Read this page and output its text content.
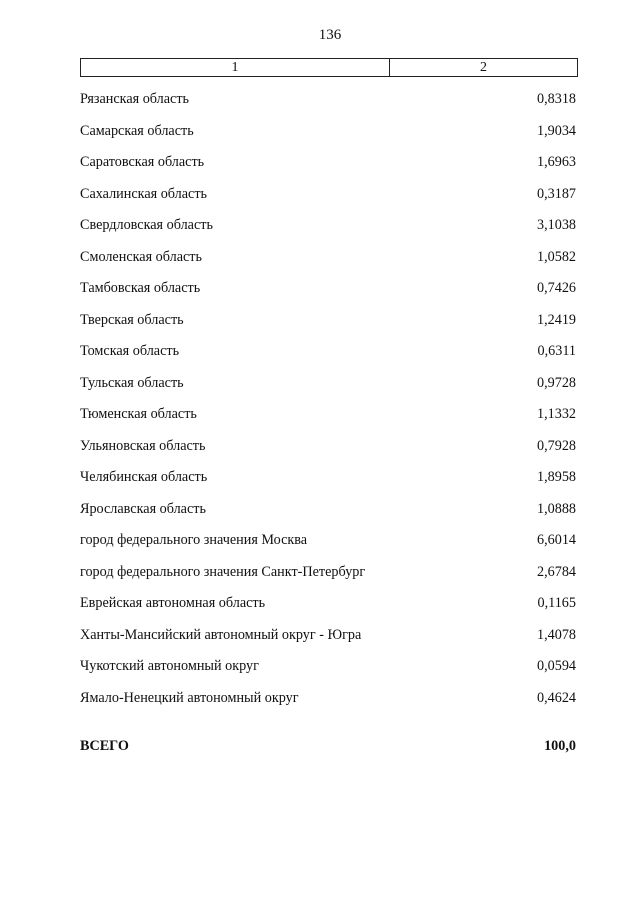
136
1	2
Рязанская область	0,8318
Самарская область	1,9034
Саратовская область	1,6963
Сахалинская область	0,3187
Свердловская область	3,1038
Смоленская область	1,0582
Тамбовская область	0,7426
Тверская область	1,2419
Томская область	0,6311
Тульская область	0,9728
Тюменская область	1,1332
Ульяновская область	0,7928
Челябинская область	1,8958
Ярославская область	1,0888
город федерального значения Москва	6,6014
город федерального значения Санкт-Петербург	2,6784
Еврейская автономная область	0,1165
Ханты-Мансийский автономный округ - Югра	1,4078
Чукотский автономный округ	0,0594
Ямало-Ненецкий автономный округ	0,4624
ВСЕГО	100,0
